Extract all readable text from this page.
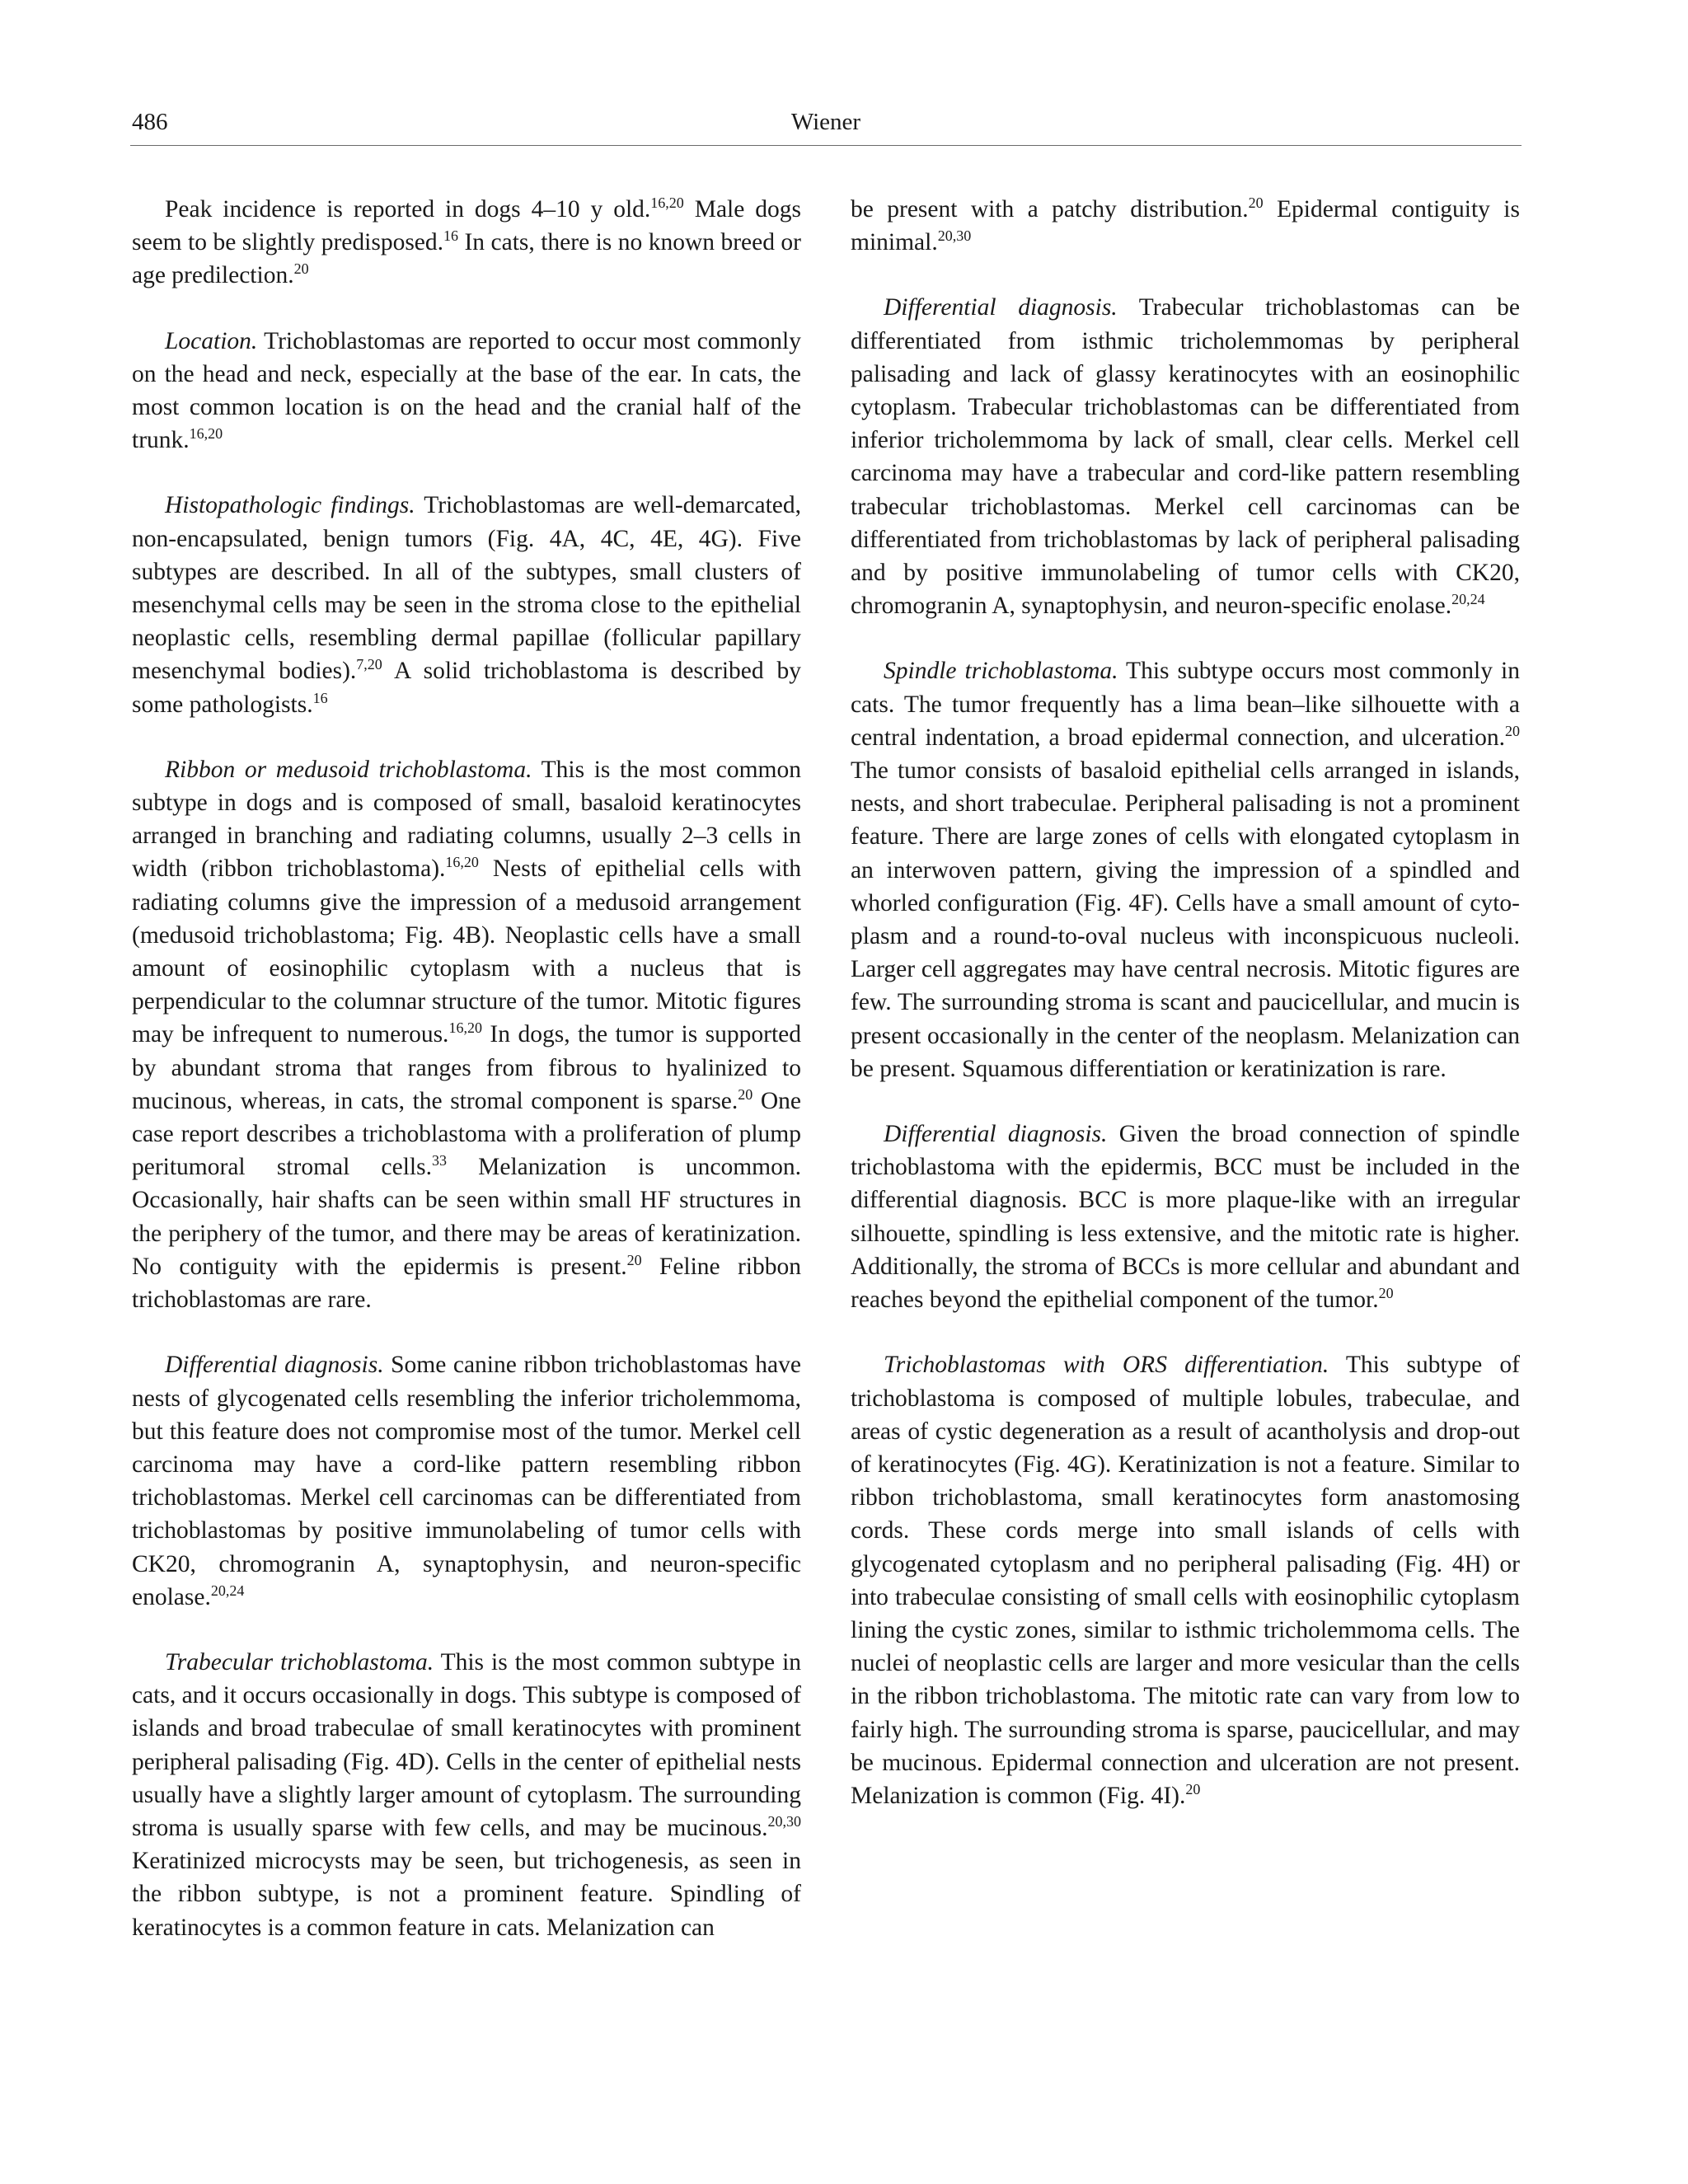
486	Wiener

Peak incidence is reported in dogs 4–10 y old.$^{16,20}$ Male dogs seem to be slightly predisposed.$^{16}$ In cats, there is no known breed or age predilection.$^{20}$

Location. Trichoblastomas are reported to occur most commonly on the head and neck, especially at the base of the ear. In cats, the most common location is on the head and the cranial half of the trunk.$^{16,20}$

Histopathologic findings. Trichoblastomas are well-demarcated, non-encapsulated, benign tumors (Fig. 4A, 4C, 4E, 4G). Five subtypes are described. In all of the subtypes, small clusters of mesenchymal cells may be seen in the stroma close to the epithelial neoplastic cells, resembling dermal papillae (follicular papillary mesenchymal bodies).$^{7,20}$ A solid trichoblastoma is described by some pathologists.$^{16}$

Ribbon or medusoid trichoblastoma. This is the most common subtype in dogs and is composed of small, basaloid keratinocytes arranged in branching and radiating columns, usually 2–3 cells in width (ribbon trichoblastoma).$^{16,20}$ Nests of epithelial cells with radiating columns give the impression of a medusoid arrangement (medusoid trichoblastoma; Fig. 4B). Neoplastic cells have a small amount of eosinophilic cytoplasm with a nucleus that is perpendicular to the columnar structure of the tumor. Mitotic figures may be infrequent to numerous.$^{16,20}$ In dogs, the tumor is supported by abundant stroma that ranges from fibrous to hyalinized to mucinous, whereas, in cats, the stromal component is sparse.$^{20}$ One case report describes a trichoblastoma with a proliferation of plump peritumoral stromal cells.$^{33}$ Melanization is uncommon. Occasionally, hair shafts can be seen within small HF structures in the periphery of the tumor, and there may be areas of keratinization. No contiguity with the epidermis is present.$^{20}$ Feline ribbon trichoblastomas are rare.

Differential diagnosis. Some canine ribbon trichoblastomas have nests of glycogenated cells resembling the inferior tricholemmoma, but this feature does not compromise most of the tumor. Merkel cell carcinoma may have a cord-like pattern resembling ribbon trichoblastomas. Merkel cell carcinomas can be differentiated from trichoblastomas by positive immunolabeling of tumor cells with CK20, chromogranin A, synaptophysin, and neuron-specific enolase.$^{20,24}$

Trabecular trichoblastoma. This is the most common subtype in cats, and it occurs occasionally in dogs. This subtype is composed of islands and broad trabeculae of small keratinocytes with prominent peripheral palisading (Fig. 4D). Cells in the center of epithelial nests usually have a slightly larger amount of cytoplasm. The surrounding stroma is usually sparse with few cells, and may be mucinous.$^{20,30}$ Keratinized microcysts may be seen, but trichogenesis, as seen in the ribbon subtype, is not a prominent feature. Spindling of keratinocytes is a common feature in cats. Melanization can

be present with a patchy distribution.$^{20}$ Epidermal contiguity is minimal.$^{20,30}$

Differential diagnosis. Trabecular trichoblastomas can be differentiated from isthmic tricholemmomas by peripheral palisading and lack of glassy keratinocytes with an eosinophilic cytoplasm. Trabecular trichoblastomas can be differentiated from inferior tricholemmoma by lack of small, clear cells. Merkel cell carcinoma may have a trabecular and cord-like pattern resembling trabecular trichoblastomas. Merkel cell carcinomas can be differentiated from trichoblastomas by lack of peripheral palisading and by positive immunolabeling of tumor cells with CK20, chromogranin A, synaptophysin, and neuron-specific enolase.$^{20,24}$

Spindle trichoblastoma. This subtype occurs most commonly in cats. The tumor frequently has a lima bean–like silhouette with a central indentation, a broad epidermal connection, and ulceration.$^{20}$ The tumor consists of basaloid epithelial cells arranged in islands, nests, and short trabeculae. Peripheral palisading is not a prominent feature. There are large zones of cells with elongated cytoplasm in an interwoven pattern, giving the impression of a spindled and whorled configuration (Fig. 4F). Cells have a small amount of cytoplasm and a round-to-oval nucleus with inconspicuous nucleoli. Larger cell aggregates may have central necrosis. Mitotic figures are few. The surrounding stroma is scant and paucicellular, and mucin is present occasionally in the center of the neoplasm. Melanization can be present. Squamous differentiation or keratinization is rare.

Differential diagnosis. Given the broad connection of spindle trichoblastoma with the epidermis, BCC must be included in the differential diagnosis. BCC is more plaque-like with an irregular silhouette, spindling is less extensive, and the mitotic rate is higher. Additionally, the stroma of BCCs is more cellular and abundant and reaches beyond the epithelial component of the tumor.$^{20}$

Trichoblastomas with ORS differentiation. This subtype of trichoblastoma is composed of multiple lobules, trabeculae, and areas of cystic degeneration as a result of acantholysis and drop-out of keratinocytes (Fig. 4G). Keratinization is not a feature. Similar to ribbon trichoblastoma, small keratinocytes form anastomosing cords. These cords merge into small islands of cells with glycogenated cytoplasm and no peripheral palisading (Fig. 4H) or into trabeculae consisting of small cells with eosinophilic cytoplasm lining the cystic zones, similar to isthmic tricholemmoma cells. The nuclei of neoplastic cells are larger and more vesicular than the cells in the ribbon trichoblastoma. The mitotic rate can vary from low to fairly high. The surrounding stroma is sparse, paucicellular, and may be mucinous. Epidermal connection and ulceration are not present. Melanization is common (Fig. 4I).$^{20}$
